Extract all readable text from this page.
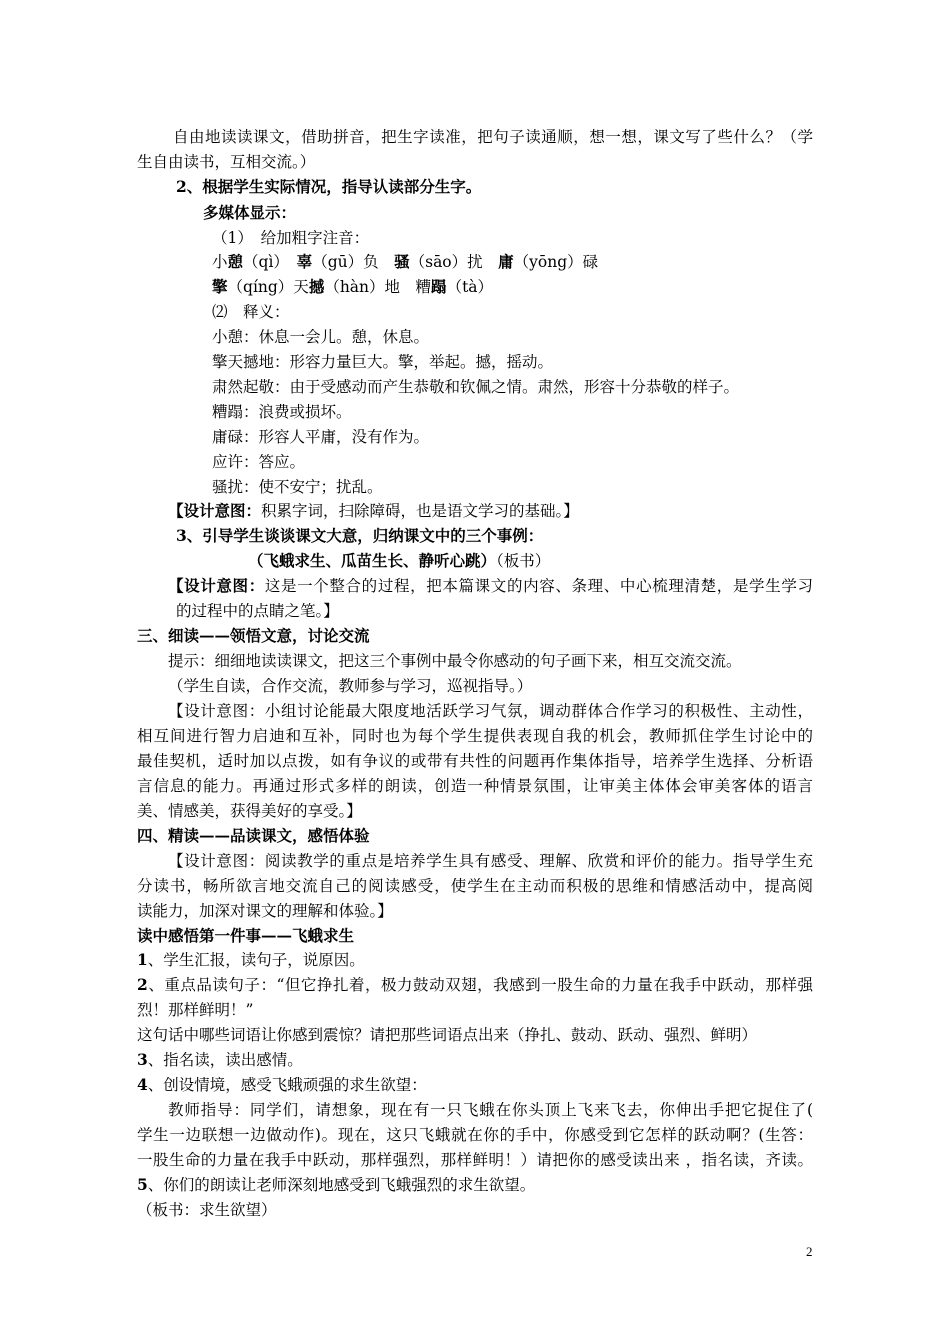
自由地读读课文，借助拼音，把生字读准，把句子读通顺，想一想，课文写了些什么？（学
生自由读书，互相交流。）
2、根据学生实际情况，指导认读部分生字。
多媒体显示：
（1）　给加粗字注音：
小憩（qì）　辜（gū）负　骚（sāo）扰　庸（yōng）碌
擎（qíng）天撼（hàn）地　糟蹋（tà）
⑵　释义：
小憩：休息一会儿。憩，休息。
擎天撼地：形容力量巨大。擎，举起。撼，摇动。
肃然起敬：由于受感动而产生恭敬和钦佩之情。肃然，形容十分恭敬的样子。
糟蹋：浪费或损坏。
庸碌：形容人平庸，没有作为。
应许：答应。
骚扰：使不安宁；扰乱。
【设计意图：积累字词，扫除障碍，也是语文学习的基础。】
3、引导学生谈谈课文大意，归纳课文中的三个事例：
（飞蛾求生、瓜苗生长、静听心跳）（板书）
【设计意图：这是一个整合的过程，把本篇课文的内容、条理、中心梳理清楚，是学生学习
的过程中的点睛之笔。】
三、细读——领悟文意，讨论交流
提示：细细地读读课文，把这三个事例中最令你感动的句子画下来，相互交流交流。
（学生自读，合作交流，教师参与学习，巡视指导。）
【设计意图：小组讨论能最大限度地活跃学习气氛，调动群体合作学习的积极性、主动性，
相互间进行智力启迪和互补，同时也为每个学生提供表现自我的机会，教师抓住学生讨论中的
最佳契机，适时加以点拨，如有争议的或带有共性的问题再作集体指导，培养学生选择、分析语
言信息的能力。再通过形式多样的朗读，创造一种情景氛围，让审美主体体会审美客体的语言
美、情感美，获得美好的享受。】
四、精读——品读课文，感悟体验
【设计意图：阅读教学的重点是培养学生具有感受、理解、欣赏和评价的能力。指导学生充
分读书，畅所欲言地交流自己的阅读感受，使学生在主动而积极的思维和情感活动中，提高阅
读能力，加深对课文的理解和体验。】
读中感悟第一件事——飞蛾求生
1、学生汇报，读句子，说原因。
2、重点品读句子：“但它挣扎着，极力鼓动双翅，我感到一股生命的力量在我手中跃动，那样强
烈！那样鲜明！”
这句话中哪些词语让你感到震惊？请把那些词语点出来（挣扎、鼓动、跃动、强烈、鲜明）
3、指名读，读出感情。
4、创设情境，感受飞蛾顽强的求生欲望：
教师指导：同学们，请想象，现在有一只飞蛾在你头顶上飞来飞去，你伸出手把它捉住了(
学生一边联想一边做动作)。现在，这只飞蛾就在你的手中，你感受到它怎样的跃动啊？(生答：
一股生命的力量在我手中跃动，那样强烈，那样鲜明！）请把你的感受读出来 ，指名读，齐读。
5、你们的朗读让老师深刻地感受到飞蛾强烈的求生欲望。
（板书：求生欲望）
2
